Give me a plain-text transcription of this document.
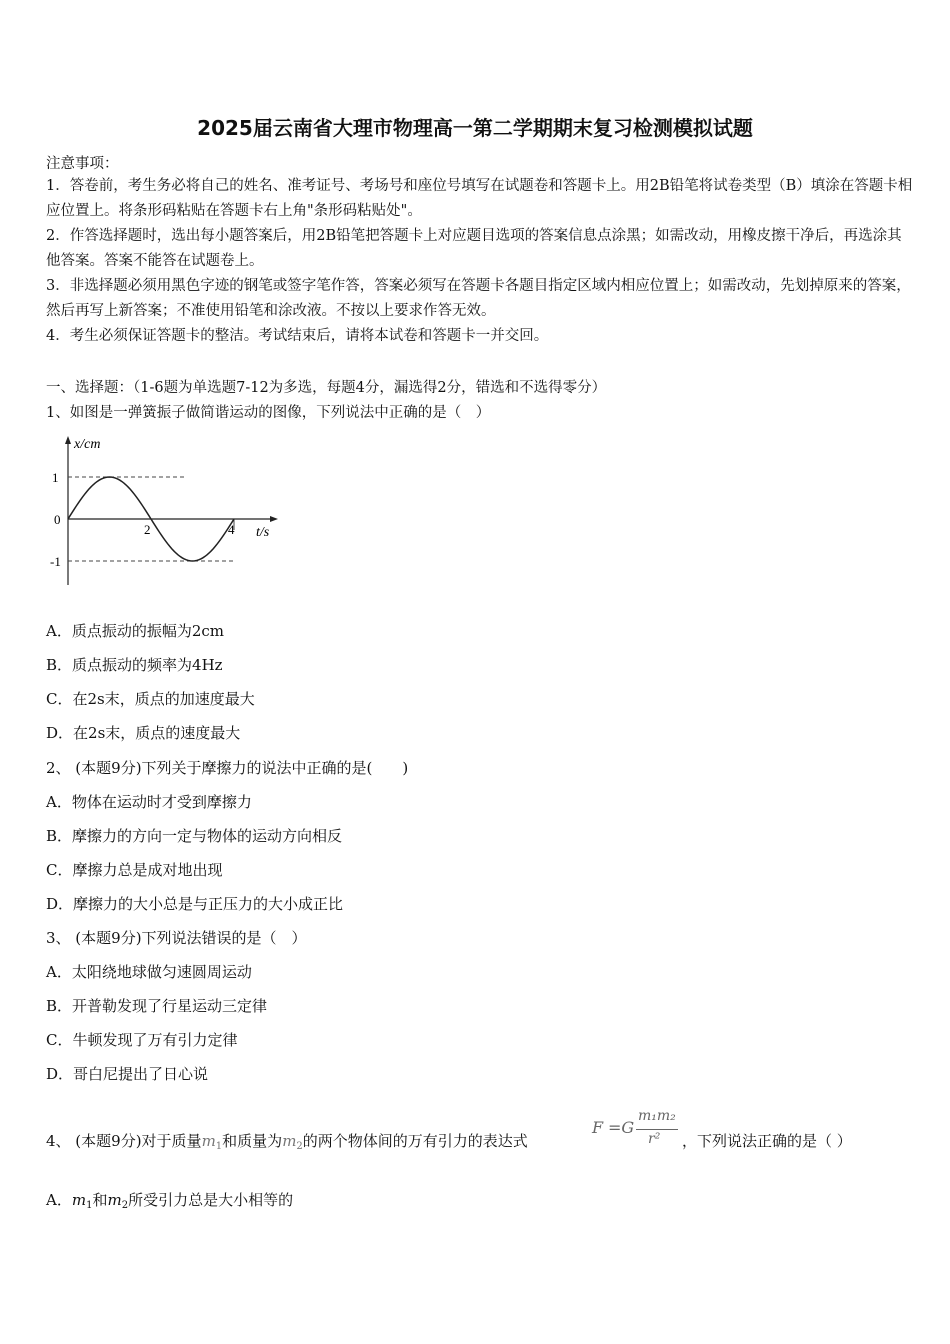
2025届云南省大理市物理高一第二学期期末复习检测模拟试题
注意事项：
1．答卷前，考生务必将自己的姓名、准考证号、考场号和座位号填写在试题卷和答题卡上。用2B铅笔将试卷类型（B）填涂在答题卡相应位置上。将条形码粘贴在答题卡右上角"条形码粘贴处"。
2．作答选择题时，选出每小题答案后，用2B铅笔把答题卡上对应题目选项的答案信息点涂黑；如需改动，用橡皮擦干净后，再选涂其他答案。答案不能答在试题卷上。
3．非选择题必须用黑色字迹的钢笔或签字笔作答，答案必须写在答题卡各题目指定区域内相应位置上；如需改动，先划掉原来的答案，然后再写上新答案；不准使用铅笔和涂改液。不按以上要求作答无效。
4．考生必须保证答题卡的整洁。考试结束后，请将本试卷和答题卡一并交回。
一、选择题：（1-6题为单选题7-12为多选，每题4分，漏选得2分，错选和不选得零分）
1、如图是一弹簧振子做简谐运动的图像，下列说法中正确的是（　）
x/cm
1
0
-1
2	4 t/s
A．质点振动的振幅为2cm
B．质点振动的频率为4Hz
C．在2s末，质点的加速度最大
D．在2s末，质点的速度最大
2、 (本题9分)下列关于摩擦力的说法中正确的是(　　)
A．物体在运动时才受到摩擦力
B．摩擦力的方向一定与物体的运动方向相反
C．摩擦力总是成对地出现
D．摩擦力的大小总是与正压力的大小成正比
3、 (本题9分)下列说法错误的是（　）
A．太阳绕地球做匀速圆周运动
B．开普勒发现了行星运动三定律
C．牛顿发现了万有引力定律
D．哥白尼提出了日心说
4、 (本题9分)对于质量$m_1$和质量为$m_2$的两个物体间的万有引力的表达式
F =G
m₁m₂
r² ，下列说法正确的是（ ）
A．$m_1$和$m_2$所受引力总是大小相等的
